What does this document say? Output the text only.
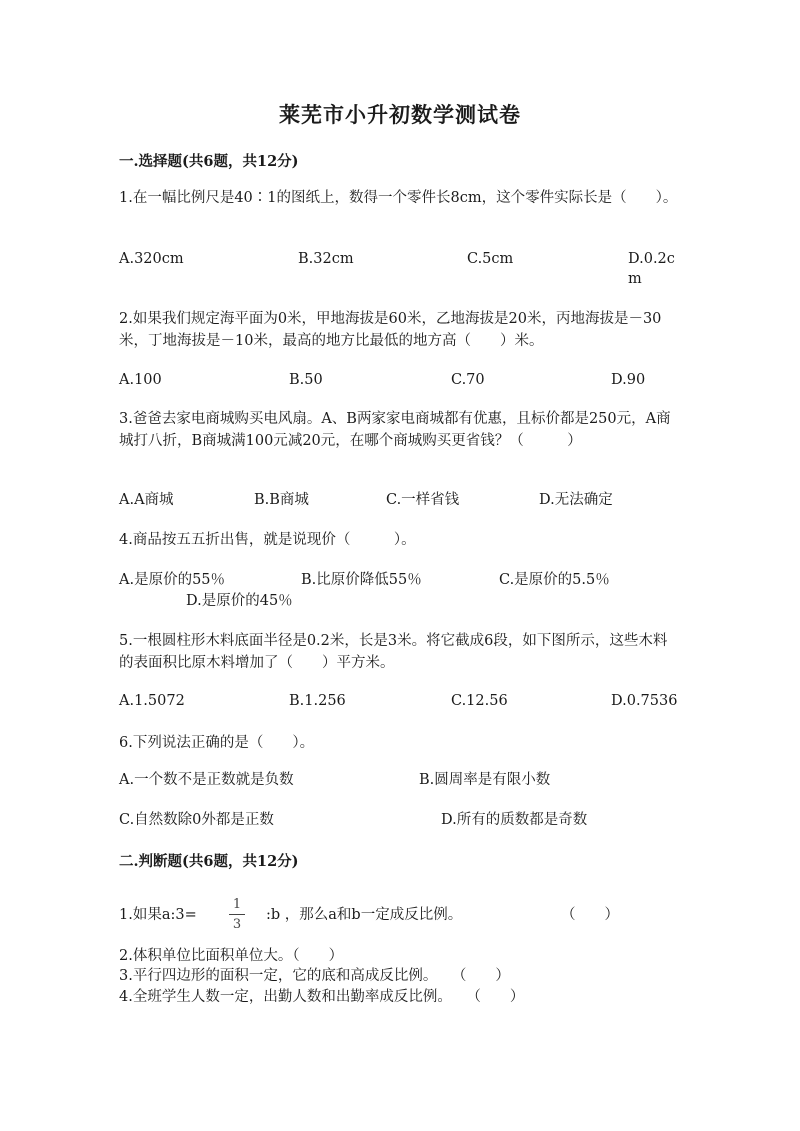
莱芜市小升初数学测试卷
一.选择题(共6题，共12分)
1.在一幅比例尺是40∶1的图纸上，数得一个零件长8cm，这个零件实际长是（　　）。
A.320cm	B.32cm	C.5cm	D.0.2cm
2.如果我们规定海平面为0米，甲地海拔是60米，乙地海拔是20米，丙地海拔是－30米，丁地海拔是－10米，最高的地方比最低的地方高（　　）米。
A.100	B.50	C.70	D.90
3.爸爸去家电商城购买电风扇。A、B两家家电商城都有优惠，且标价都是250元，A商城打八折，B商城满100元减20元，在哪个商城购买更省钱？（　　　）
A.A商城	B.B商城	C.一样省钱	D.无法确定
4.商品按五五折出售，就是说现价（　　　）。
A.是原价的55％	B.比原价降低55％	C.是原价的5.5％
D.是原价的45％
5.一根圆柱形木料底面半径是0.2米，长是3米。将它截成6段，如下图所示，这些木料的表面积比原木料增加了（　　）平方米。
A.1.5072	B.1.256	C.12.56	D.0.7536
6.下列说法正确的是（　　）。
A.一个数不是正数就是负数	B.圆周率是有限小数
C.自然数除0外都是正数	D.所有的质数都是奇数
二.判断题(共6题，共12分)
1.如果a:3=
1
3
:b ，那么a和b一定成反比例。	（　　）
2.体积单位比面积单位大。（　　）
3.平行四边形的面积一定，它的底和高成反比例。　　（　　）
4.全班学生人数一定，出勤人数和出勤率成反比例。　　（　　）
